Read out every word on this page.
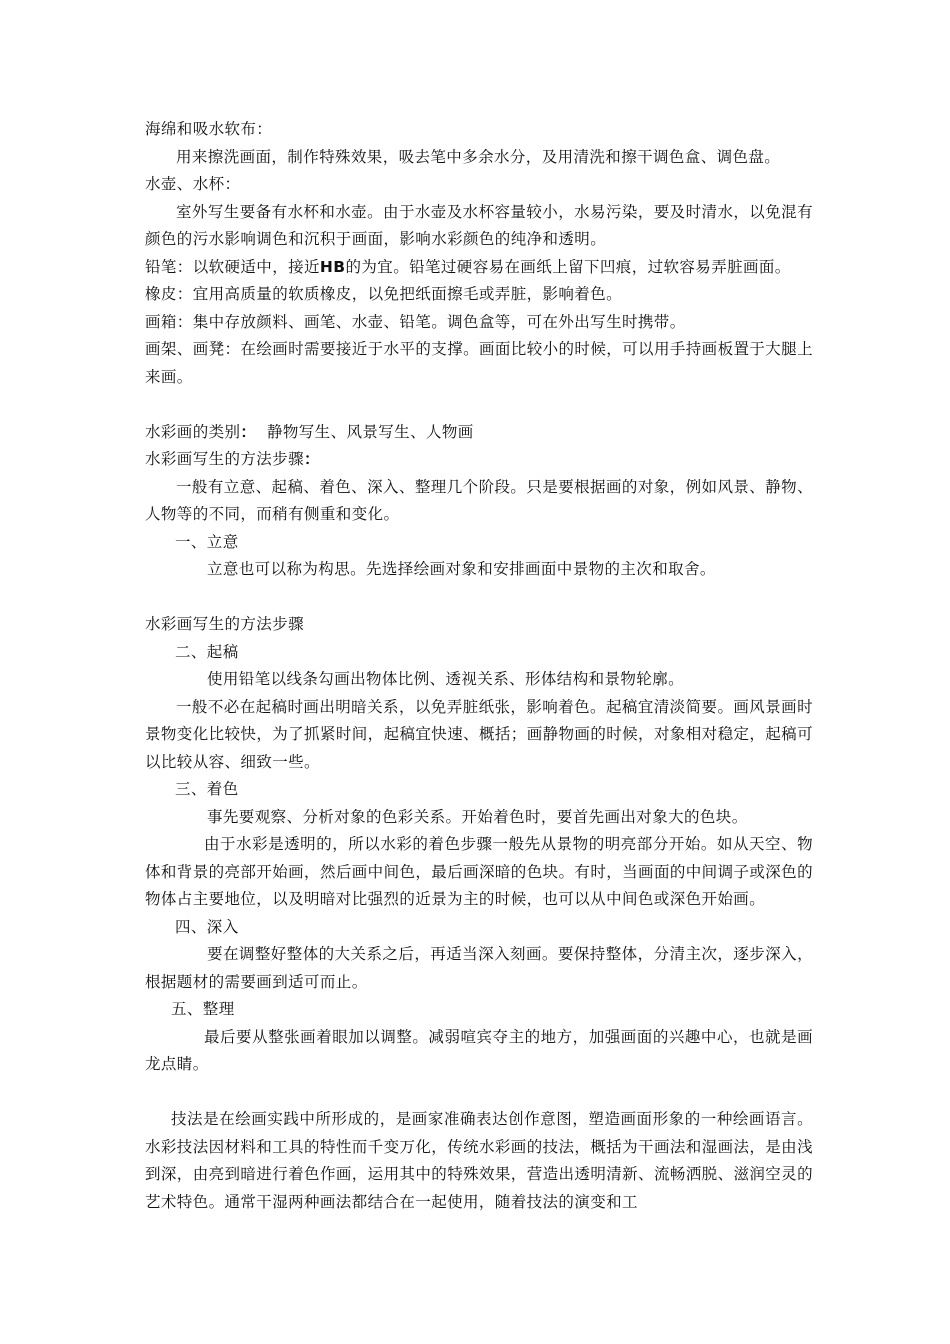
海绵和吸水软布：

用来擦洗画面，制作特殊效果，吸去笔中多余水分，及用清洗和擦干调色盒、调色盘。

水壶、水杯：

室外写生要备有水杯和水壶。由于水壶及水杯容量较小，水易污染，要及时清水，以免混有颜色的污水影响调色和沉积于画面，影响水彩颜色的纯净和透明。

铅笔：以软硬适中，接近HB的为宜。铅笔过硬容易在画纸上留下凹痕，过软容易弄脏画面。

橡皮：宜用高质量的软质橡皮，以免把纸面擦毛或弄脏，影响着色。

画箱：集中存放颜料、画笔、水壶、铅笔。调色盒等，可在外出写生时携带。

画架、画凳：在绘画时需要接近于水平的支撑。画面比较小的时候，可以用手持画板置于大腿上来画。

水彩画的类别： 静物写生、风景写生、人物画

水彩画写生的方法步骤：

一般有立意、起稿、着色、深入、整理几个阶段。只是要根据画的对象，例如风景、静物、人物等的不同，而稍有侧重和变化。

一、立意

立意也可以称为构思。先选择绘画对象和安排画面中景物的主次和取舍。

水彩画写生的方法步骤

二、起稿

使用铅笔以线条勾画出物体比例、透视关系、形体结构和景物轮廓。

一般不必在起稿时画出明暗关系，以免弄脏纸张，影响着色。起稿宜清淡简要。画风景画时景物变化比较快，为了抓紧时间，起稿宜快速、概括；画静物画的时候，对象相对稳定，起稿可以比较从容、细致一些。

三、着色

事先要观察、分析对象的色彩关系。开始着色时，要首先画出对象大的色块。

由于水彩是透明的，所以水彩的着色步骤一般先从景物的明亮部分开始。如从天空、物体和背景的亮部开始画，然后画中间色，最后画深暗的色块。有时，当画面的中间调子或深色的物体占主要地位，以及明暗对比强烈的近景为主的时候，也可以从中间色或深色开始画。

四、深入

要在调整好整体的大关系之后，再适当深入刻画。要保持整体，分清主次，逐步深入，根据题材的需要画到适可而止。

五、整理

最后要从整张画着眼加以调整。减弱喧宾夺主的地方，加强画面的兴趣中心，也就是画龙点睛。

技法是在绘画实践中所形成的，是画家准确表达创作意图，塑造画面形象的一种绘画语言。水彩技法因材料和工具的特性而千变万化，传统水彩画的技法，概括为干画法和湿画法，是由浅到深，由亮到暗进行着色作画，运用其中的特殊效果，营造出透明清新、流畅洒脱、滋润空灵的艺术特色。通常干湿两种画法都结合在一起使用，随着技法的演变和工
